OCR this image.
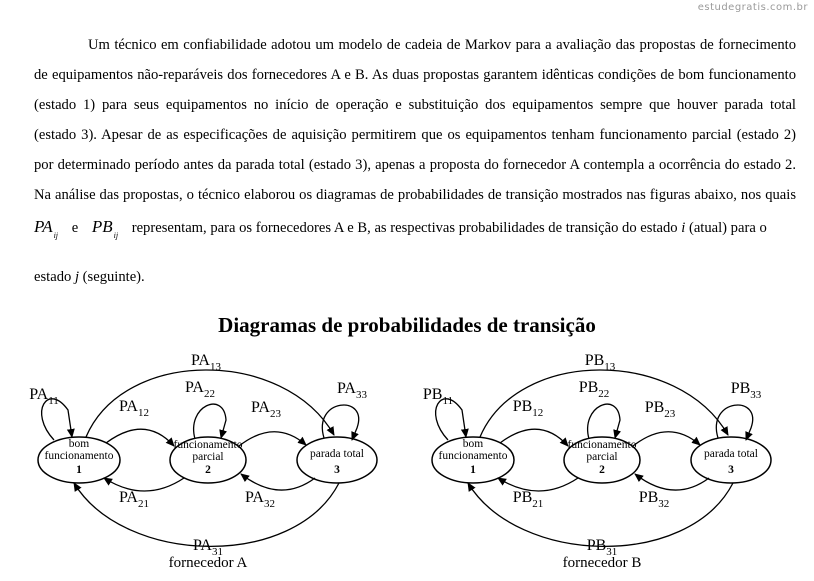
estudegratis.com.br
Um técnico em confiabilidade adotou um modelo de cadeia de Markov para a avaliação das propostas de fornecimento
de equipamentos não-reparáveis dos fornecedores A e B. As duas propostas garantem idênticas condições de bom funcionamento
(estado 1) para seus equipamentos no início de operação e substituição dos equipamentos sempre que houver parada total
(estado 3). Apesar de as especificações de aquisição permitirem que os equipamentos tenham funcionamento parcial (estado 2)
por determinado período antes da parada total (estado 3), apenas a proposta do fornecedor A contempla a ocorrência do estado 2.
Na análise das propostas, o técnico elaborou os diagramas de probabilidades de transição mostrados nas figuras abaixo, nos quais
$PA_{ij}$ e $PB_{ij}$ representam, para os fornecedores A e B, as respectivas probabilidades de transição do estado i (atual) para o
estado j (seguinte).
Diagramas de probabilidades de transição
bom
funcionamento
1
funcionamento
parcial
2
parada total
3
$PA_{11}$	$PA_{12}$
$PA_{13}$
$PA_{22}$
$PA_{23}$
$PA_{33}$
$PA_{21}$	$PA_{32}$
$PA_{31}$
fornecedor A
bom
funcionamento
1
funcionamento
parcial
2
parada total
3
$PB_{11}$	$PB_{12}$
$PB_{13}$
$PB_{22}$
$PB_{23}$
$PB_{33}$
$PB_{21}$	$PB_{32}$
$PB_{31}$
fornecedor B
